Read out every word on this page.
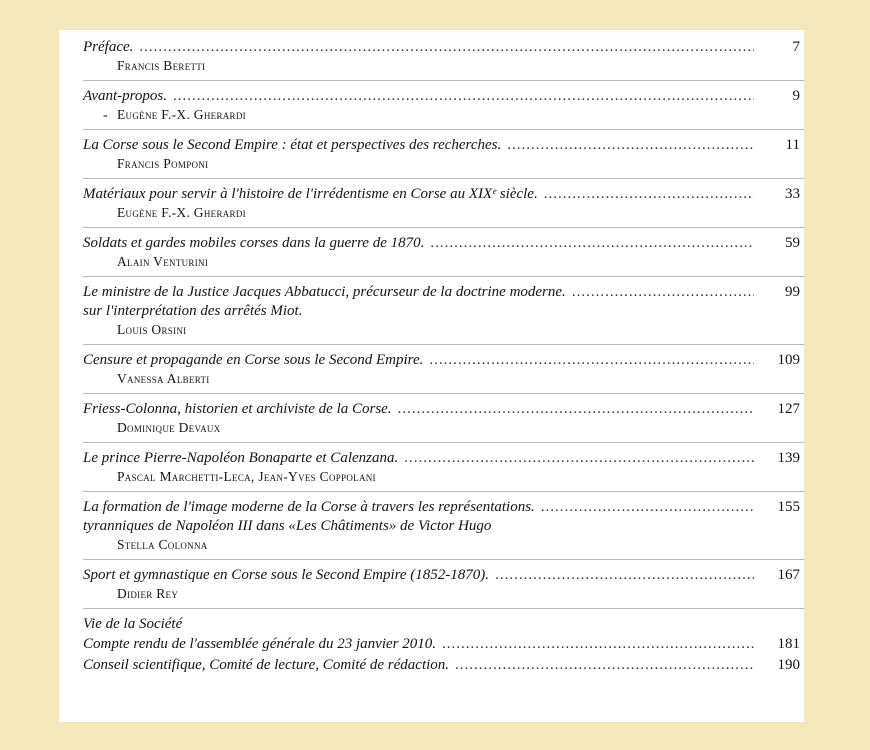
Préface. .....	7
Francis Beretti
Avant-propos. .....	9
- Eugène F.-X. Gherardi
La Corse sous le Second Empire : état et perspectives des recherches. .....	11
Francis Pomponi
Matériaux pour servir à l'histoire de l'irrédentisme en Corse au XIXᵉ siècle. .....	33
Eugène F.-X. Gherardi
Soldats et gardes mobiles corses dans la guerre de 1870. .....	59
Alain Venturini
Le ministre de la Justice Jacques Abbatucci, précurseur de la doctrine moderne. .....	99
sur l'interprétation des arrêtés Miot.
Louis Orsini
Censure et propagande en Corse sous le Second Empire. .....	109
Vanessa Alberti
Friess-Colonna, historien et archiviste de la Corse. .....	127
Dominique Devaux
Le prince Pierre-Napoléon Bonaparte et Calenzana. .....	139
Pascal Marchetti-Leca, Jean-Yves Coppolani
La formation de l'image moderne de la Corse à travers les représentations. .....	155
tyranniques de Napoléon III dans «Les Châtiments» de Victor Hugo
Stella Colonna
Sport et gymnastique en Corse sous le Second Empire (1852-1870). .....	167
Didier Rey
Vie de la Société
Compte rendu de l'assemblée générale du 23 janvier 2010. .....	181
Conseil scientifique, Comité de lecture, Comité de rédaction. .....	190
